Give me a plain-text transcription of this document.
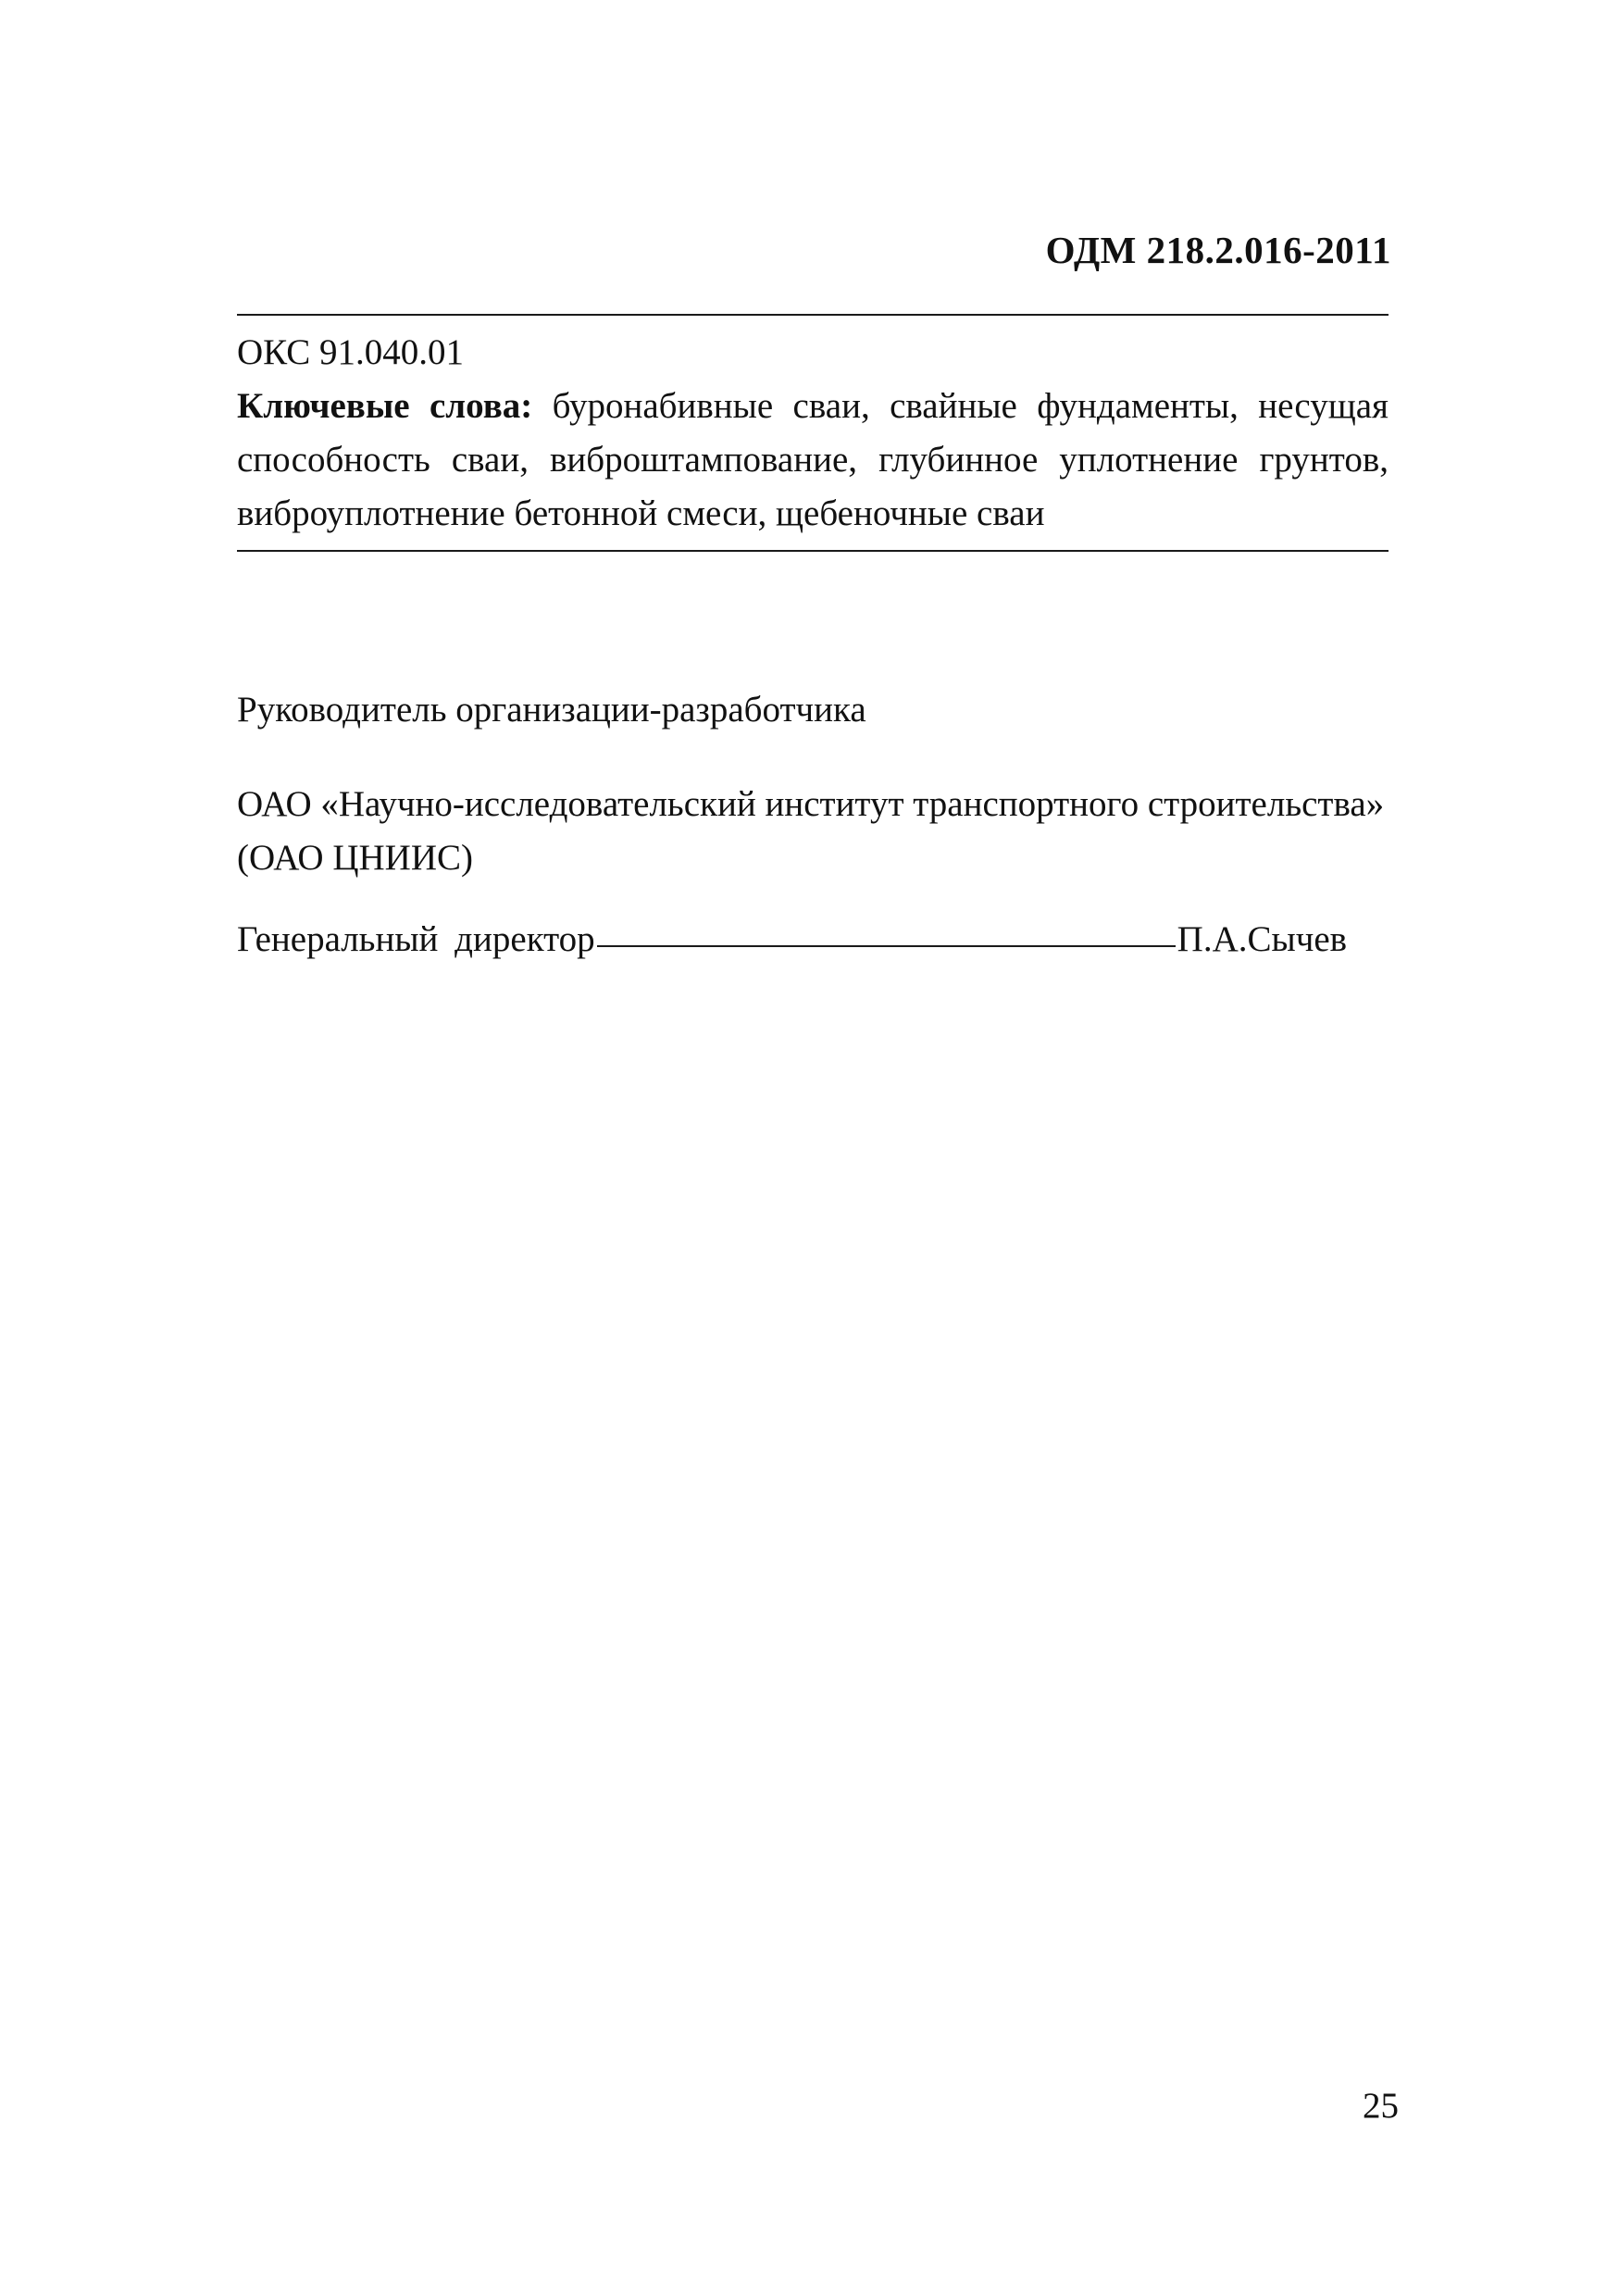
ОДМ 218.2.016-2011
ОКС 91.040.01
Ключевые слова: буронабивные сваи, свайные фундаменты, несущая способность сваи, виброштампование, глубинное уплотнение грунтов, виброуплотнение бетонной смеси, щебеночные сваи
Руководитель организации-разработчика
ОАО «Научно-исследовательский институт транспортного строительства»
(ОАО ЦНИИС)
Генеральный директор	П.А.Сычев
25
